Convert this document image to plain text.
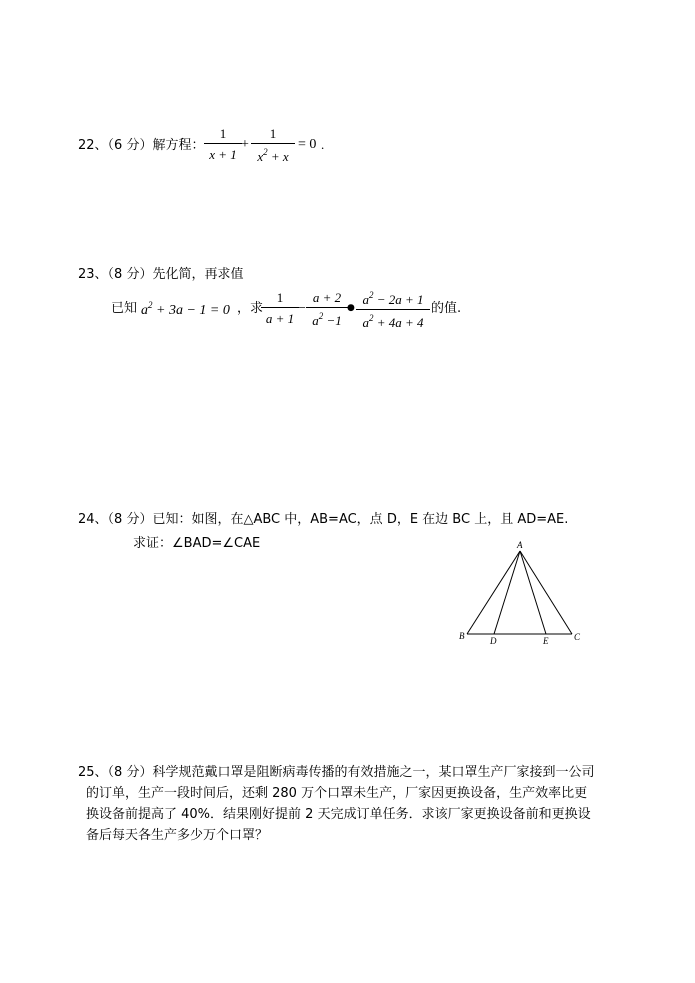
22、（6 分）解方程：
1
x + 1
+
1
$x^2 + x$
= 0 .
23、（8 分）先化简，再求值
已知 $a^2 + 3a - 1 = 0$ ，求
1
a + 1
−
a + 2
$a^2 -1$
●
$a^2 - 2a + 1$
$a^2 + 4a + 4$
的值.
24、（8 分）已知：如图，在△ABC 中，AB=AC，点 D，E 在边 BC 上，且 AD=AE.
求证：∠BAD=∠CAE	A
B	D	E	C
25、（8 分）科学规范戴口罩是阻断病毒传播的有效措施之一，某口罩生产厂家接到一公司
的订单，生产一段时间后，还剩 280 万个口罩未生产，厂家因更换设备，生产效率比更
换设备前提高了 40%．结果刚好提前 2 天完成订单任务．求该厂家更换设备前和更换设
备后每天各生产多少万个口罩？
